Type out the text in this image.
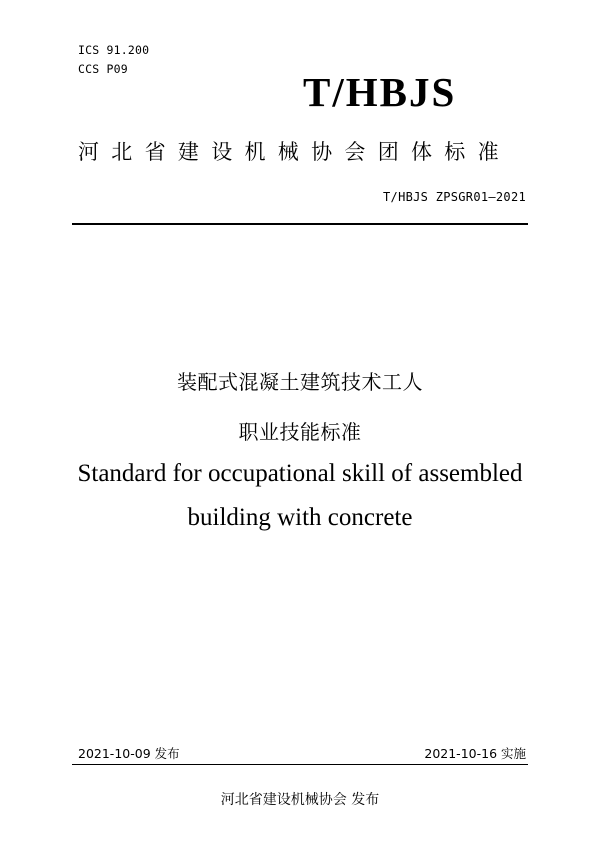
ICS 91.200
CCS P09	T/HBJS
河北省建设机械协会团体标准
T/HBJS ZPSGR01—2021
装配式混凝土建筑技术工人
职业技能标准
Standard for occupational skill of assembled
building with concrete
2021-10-09 发布	2021-10-16 实施
河北省建设机械协会 发布
